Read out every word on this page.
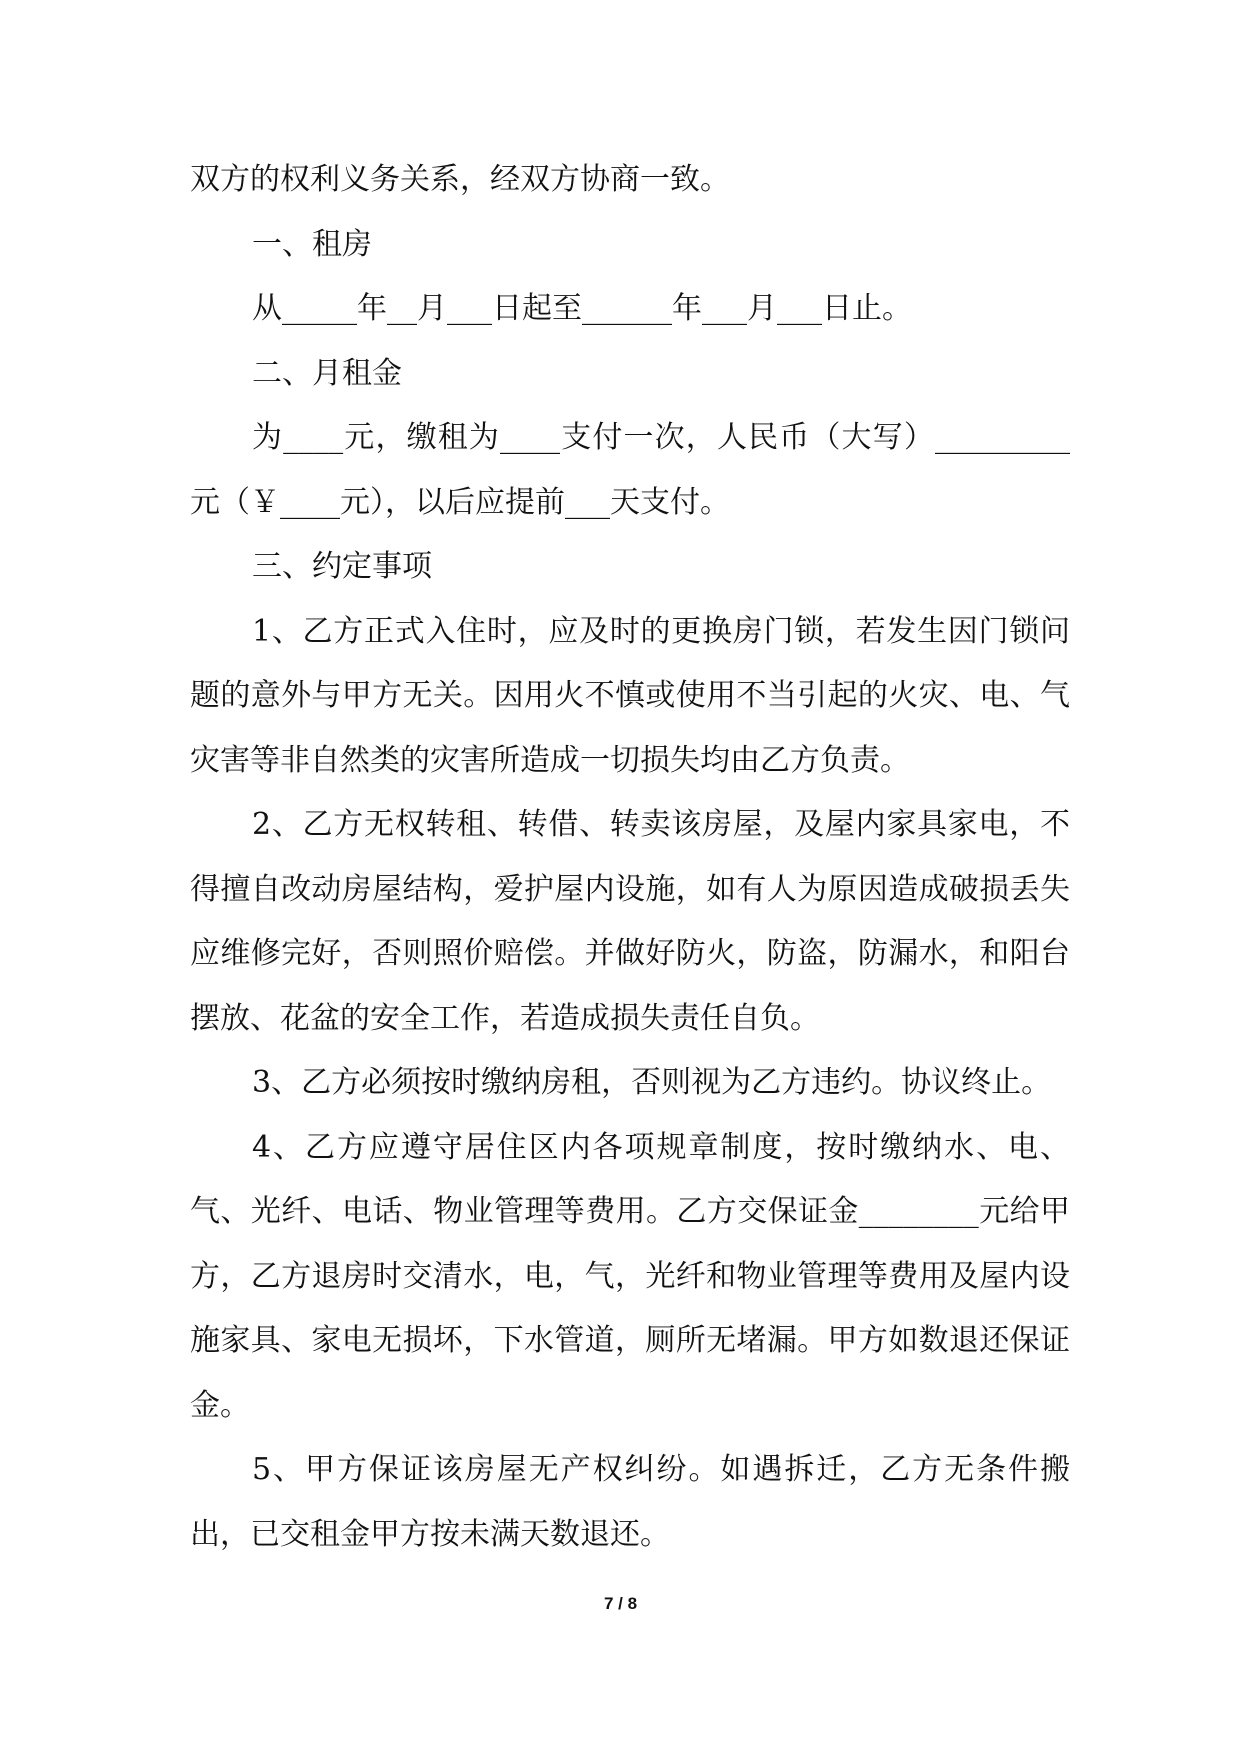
双方的权利义务关系，经双方协商一致。

一、租房

从_____年__月___日起至______年___月___日止。

二、月租金

为____元，缴租为____支付一次，人民币（大写）_________元（￥____元），以后应提前___天支付。

三、约定事项

1、乙方正式入住时，应及时的更换房门锁，若发生因门锁问题的意外与甲方无关。因用火不慎或使用不当引起的火灾、电、气灾害等非自然类的灾害所造成一切损失均由乙方负责。

2、乙方无权转租、转借、转卖该房屋，及屋内家具家电，不得擅自改动房屋结构，爱护屋内设施，如有人为原因造成破损丢失应维修完好，否则照价赔偿。并做好防火，防盗，防漏水，和阳台摆放、花盆的安全工作，若造成损失责任自负。

3、乙方必须按时缴纳房租，否则视为乙方违约。协议终止。

4、乙方应遵守居住区内各项规章制度，按时缴纳水、电、气、光纤、电话、物业管理等费用。乙方交保证金________元给甲方，乙方退房时交清水，电，气，光纤和物业管理等费用及屋内设施家具、家电无损坏，下水管道，厕所无堵漏。甲方如数退还保证金。

5、甲方保证该房屋无产权纠纷。如遇拆迁，乙方无条件搬出，已交租金甲方按未满天数退还。

7 / 8
